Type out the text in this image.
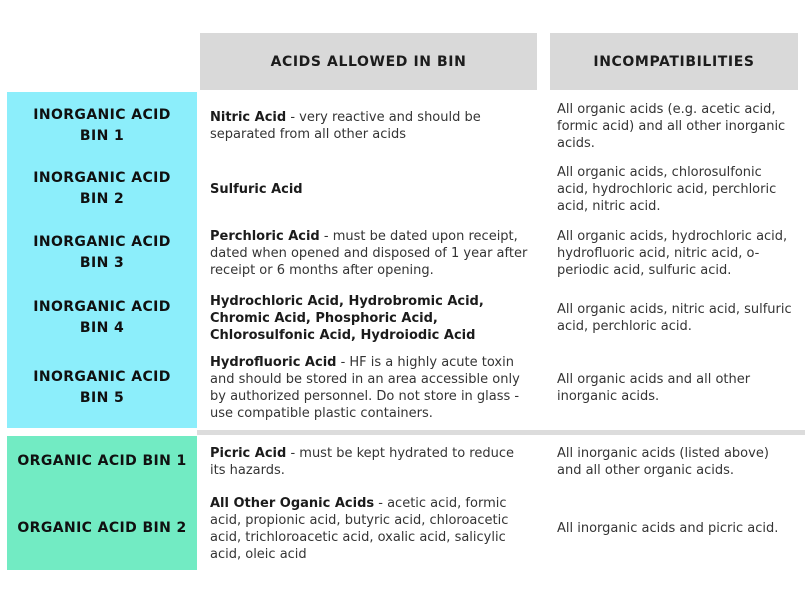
ACIDS ALLOWED IN BIN	INCOMPATIBILITIES
INORGANIC ACID
BIN 1

Nitric Acid - very reactive and should be separated from all other acids

All organic acids (e.g. acetic acid, formic acid) and all other inorganic acids.
INORGANIC ACID
BIN 2

Sulfuric Acid

All organic acids, chlorosulfonic acid, hydrochloric acid, perchloric acid, nitric acid.
INORGANIC ACID
BIN 3

Perchloric Acid - must be dated upon receipt, dated when opened and disposed of 1 year after receipt or 6 months after opening.

All organic acids, hydrochloric acid, hydrofluoric acid, nitric acid, o-periodic acid, sulfuric acid.
INORGANIC ACID
BIN 4

Hydrochloric Acid, Hydrobromic Acid, Chromic Acid, Phosphoric Acid, Chlorosulfonic Acid, Hydroiodic Acid

All organic acids, nitric acid, sulfuric acid, perchloric acid.
INORGANIC ACID
BIN 5

Hydrofluoric Acid - HF is a highly acute toxin and should be stored in an area accessible only by authorized personnel. Do not store in glass - use compatible plastic containers.

All organic acids and all other inorganic acids.
ORGANIC ACID BIN 1 Picric Acid - must be kept hydrated to reduce its hazards.

All inorganic acids (listed above) and all other organic acids.
ORGANIC ACID BIN 2

All Other Oganic Acids - acetic acid, formic acid, propionic acid, butyric acid, chloroacetic acid, trichloroacetic acid, oxalic acid, salicylic acid, oleic acid

All inorganic acids and picric acid.
